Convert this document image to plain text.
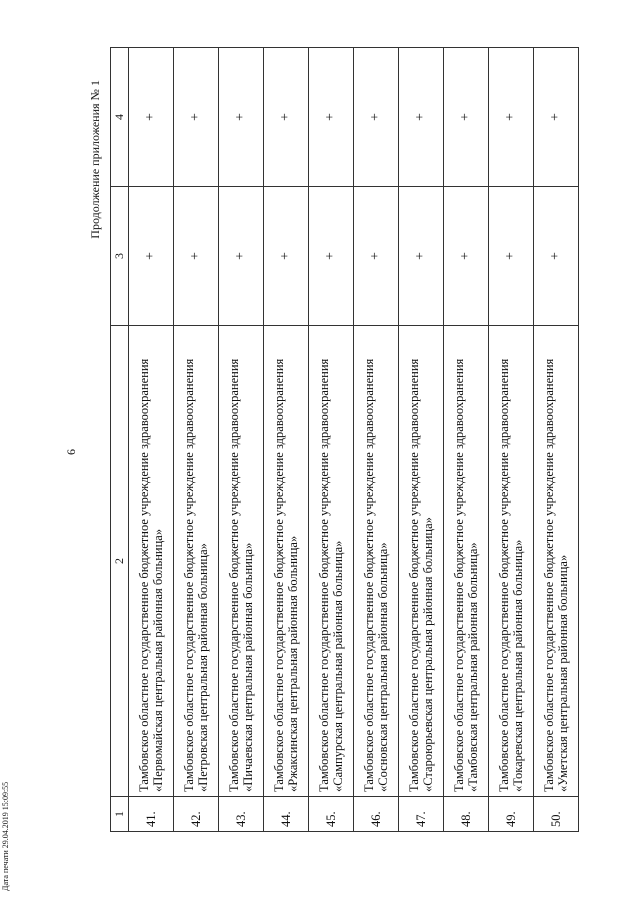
6
Продолжение приложения № 1
1	2	3	4
41.	Тамбовское областное государственное бюджетное учреждение здравоохранения «Первомайская центральная районная больница»	+	+
42.	Тамбовское областное государственное бюджетное учреждение здравоохранения «Петровская центральная районная больница»	+	+
43.	Тамбовское областное государственное бюджетное учреждение здравоохранения «Пичаевская центральная районная больница»	+	+
44.	Тамбовское областное государственное бюджетное учреждение здравоохранения «Ржаксинская центральная районная больница»	+	+
45.	Тамбовское областное государственное бюджетное учреждение здравоохранения «Сампурская центральная районная больница»	+	+
46.	Тамбовское областное государственное бюджетное учреждение здравоохранения «Сосновская центральная районная больница»	+	+
47.	Тамбовское областное государственное бюджетное учреждение здравоохранения «Староюрьевская центральная районная больница»	+	+
48.	Тамбовское областное государственное бюджетное учреждение здравоохранения «Тамбовская центральная районная больница»	+	+
49.	Тамбовское областное государственное бюджетное учреждение здравоохранения «Токаревская центральная районная больница»	+	+
50.	Тамбовское областное государственное бюджетное учреждение здравоохранения «Уметская центральная районная больница»	+	+
Дата печати 29.04.2019 15:09:55
